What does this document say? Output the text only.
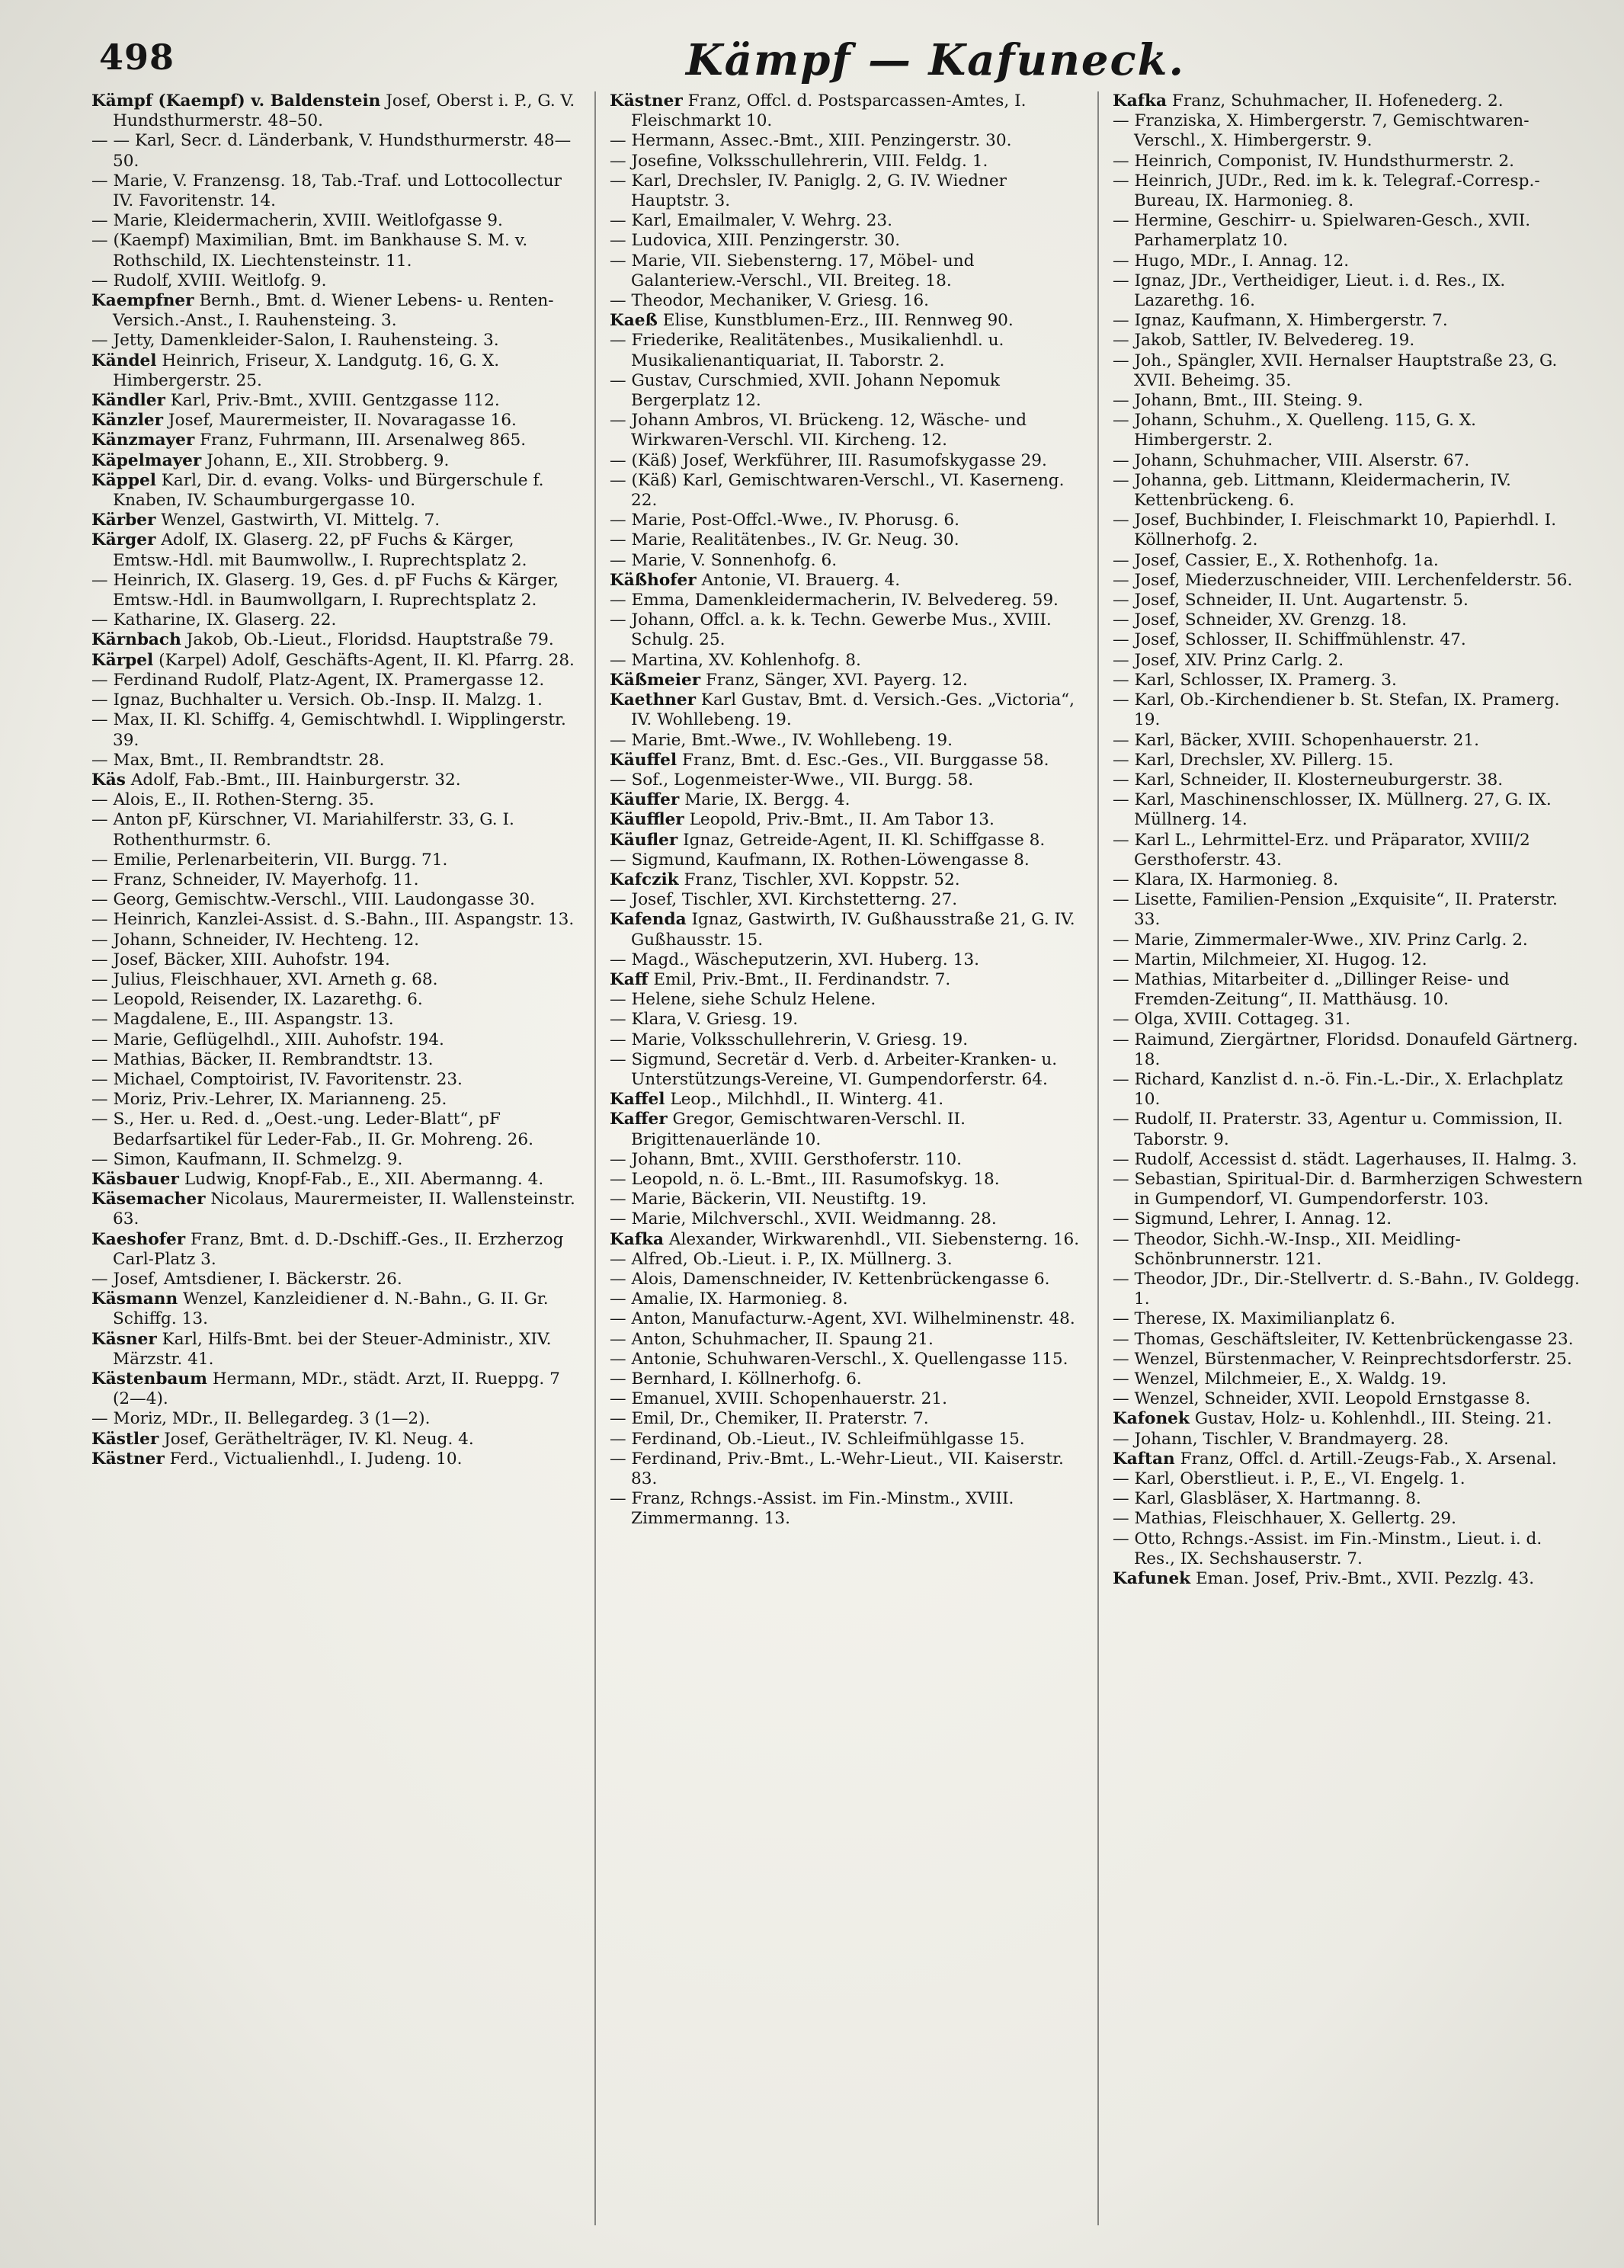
498	Kämpf — Kafuneck.

Kämpf (Kaempf) v. Baldenstein Josef, Oberst i. P., G. V. Hundsthurmerstr. 48–50.

— — Karl, Secr. d. Länderbank, V. Hundsthurmerstr. 48—50.

— Marie, V. Franzensg. 18, Tab.-Traf. und Lottocollectur IV. Favoritenstr. 14.

— Marie, Kleidermacherin, XVIII. Weitlofgasse 9.

— (Kaempf) Maximilian, Bmt. im Bankhause S. M. v. Rothschild, IX. Liechtensteinstr. 11.

— Rudolf, XVIII. Weitlofg. 9.

Kaempfner Bernh., Bmt. d. Wiener Lebens- u. Renten-Versich.-Anst., I. Rauhensteing. 3.

— Jetty, Damenkleider-Salon, I. Rauhensteing. 3.

Kändel Heinrich, Friseur, X. Landgutg. 16, G. X. Himbergerstr. 25.

Kändler Karl, Priv.-Bmt., XVIII. Gentzgasse 112.

Känzler Josef, Maurermeister, II. Novaragasse 16.

Känzmayer Franz, Fuhrmann, III. Arsenalweg 865.

Käpelmayer Johann, E., XII. Strobberg. 9.

Käppel Karl, Dir. d. evang. Volks- und Bürgerschule f. Knaben, IV. Schaumburgergasse 10.

Kärber Wenzel, Gastwirth, VI. Mittelg. 7.

Kärger Adolf, IX. Glaserg. 22, pF Fuchs & Kärger, Emtsw.-Hdl. mit Baumwollw., I. Ruprechtsplatz 2.

— Heinrich, IX. Glaserg. 19, Ges. d. pF Fuchs & Kärger, Emtsw.-Hdl. in Baumwollgarn, I. Ruprechtsplatz 2.

— Katharine, IX. Glaserg. 22.

Kärnbach Jakob, Ob.-Lieut., Floridsd. Hauptstraße 79.

Kärpel (Karpel) Adolf, Geschäfts-Agent, II. Kl. Pfarrg. 28.

— Ferdinand Rudolf, Platz-Agent, IX. Pramergasse 12.

— Ignaz, Buchhalter u. Versich. Ob.-Insp. II. Malzg. 1.

— Max, II. Kl. Schiffg. 4, Gemischtwhdl. I. Wipplingerstr. 39.

— Max, Bmt., II. Rembrandtstr. 28.

Käs Adolf, Fab.-Bmt., III. Hainburgerstr. 32.

— Alois, E., II. Rothen-Sterng. 35.

— Anton pF, Kürschner, VI. Mariahilferstr. 33, G. I. Rothenthurmstr. 6.

— Emilie, Perlenarbeiterin, VII. Burgg. 71.

— Franz, Schneider, IV. Mayerhofg. 11.

— Georg, Gemischtw.-Verschl., VIII. Laudongasse 30.

— Heinrich, Kanzlei-Assist. d. S.-Bahn., III. Aspangstr. 13.

— Johann, Schneider, IV. Hechteng. 12.

— Josef, Bäcker, XIII. Auhofstr. 194.

— Julius, Fleischhauer, XVI. Arneth g. 68.

— Leopold, Reisender, IX. Lazarethg. 6.

— Magdalene, E., III. Aspangstr. 13.

— Marie, Geflügelhdl., XIII. Auhofstr. 194.

— Mathias, Bäcker, II. Rembrandtstr. 13.

— Michael, Comptoirist, IV. Favoritenstr. 23.

— Moriz, Priv.-Lehrer, IX. Marianneng. 25.

— S., Her. u. Red. d. „Oest.-ung. Leder-Blatt“, pF Bedarfsartikel für Leder-Fab., II. Gr. Mohreng. 26.

— Simon, Kaufmann, II. Schmelzg. 9.

Käsbauer Ludwig, Knopf-Fab., E., XII. Abermanng. 4.

Käsemacher Nicolaus, Maurermeister, II. Wallensteinstr. 63.

Kaeshofer Franz, Bmt. d. D.-Dschiff.-Ges., II. Erzherzog Carl-Platz 3.

— Josef, Amtsdiener, I. Bäckerstr. 26.

Käsmann Wenzel, Kanzleidiener d. N.-Bahn., G. II. Gr. Schiffg. 13.

Käsner Karl, Hilfs-Bmt. bei der Steuer-Administr., XIV. Märzstr. 41.

Kästenbaum Hermann, MDr., städt. Arzt, II. Rueppg. 7 (2—4).

— Moriz, MDr., II. Bellegardeg. 3 (1—2).

Kästler Josef, Geräthelträger, IV. Kl. Neug. 4.

Kästner Ferd., Victualienhdl., I. Judeng. 10.

Kästner Franz, Offcl. d. Postsparcassen-Amtes, I. Fleischmarkt 10.

— Hermann, Assec.-Bmt., XIII. Penzingerstr. 30.

— Josefine, Volksschullehrerin, VIII. Feldg. 1.

— Karl, Drechsler, IV. Paniglg. 2, G. IV. Wiedner Hauptstr. 3.

— Karl, Emailmaler, V. Wehrg. 23.

— Ludovica, XIII. Penzingerstr. 30.

— Marie, VII. Siebensterng. 17, Möbel- und Galanteriew.-Verschl., VII. Breiteg. 18.

— Theodor, Mechaniker, V. Griesg. 16.

Kaeß Elise, Kunstblumen-Erz., III. Rennweg 90.

— Friederike, Realitätenbes., Musikalienhdl. u. Musikalienantiquariat, II. Taborstr. 2.

— Gustav, Curschmied, XVII. Johann Nepomuk Bergerplatz 12.

— Johann Ambros, VI. Brückeng. 12, Wäsche- und Wirkwaren-Verschl. VII. Kircheng. 12.

— (Käß) Josef, Werkführer, III. Rasumofskygasse 29.

— (Käß) Karl, Gemischtwaren-Verschl., VI. Kaserneng. 22.

— Marie, Post-Offcl.-Wwe., IV. Phorusg. 6.

— Marie, Realitätenbes., IV. Gr. Neug. 30.

— Marie, V. Sonnenhofg. 6.

Käßhofer Antonie, VI. Brauerg. 4.

— Emma, Damenkleidermacherin, IV. Belvedereg. 59.

— Johann, Offcl. a. k. k. Techn. Gewerbe Mus., XVIII. Schulg. 25.

— Martina, XV. Kohlenhofg. 8.

Käßmeier Franz, Sänger, XVI. Payerg. 12.

Kaethner Karl Gustav, Bmt. d. Versich.-Ges. „Victoria“, IV. Wohllebeng. 19.

— Marie, Bmt.-Wwe., IV. Wohllebeng. 19.

Käuffel Franz, Bmt. d. Esc.-Ges., VII. Burggasse 58.

— Sof., Logenmeister-Wwe., VII. Burgg. 58.

Käuffer Marie, IX. Bergg. 4.

Käuffler Leopold, Priv.-Bmt., II. Am Tabor 13.

Käufler Ignaz, Getreide-Agent, II. Kl. Schiffgasse 8.

— Sigmund, Kaufmann, IX. Rothen-Löwengasse 8.

Kafczik Franz, Tischler, XVI. Koppstr. 52.

— Josef, Tischler, XVI. Kirchstetterng. 27.

Kafenda Ignaz, Gastwirth, IV. Gußhausstraße 21, G. IV. Gußhausstr. 15.

— Magd., Wäscheputzerin, XVI. Huberg. 13.

Kaff Emil, Priv.-Bmt., II. Ferdinandstr. 7.

— Helene, siehe Schulz Helene.

— Klara, V. Griesg. 19.

— Marie, Volksschullehrerin, V. Griesg. 19.

— Sigmund, Secretär d. Verb. d. Arbeiter-Kranken- u. Unterstützungs-Vereine, VI. Gumpendorferstr. 64.

Kaffel Leop., Milchhdl., II. Winterg. 41.

Kaffer Gregor, Gemischtwaren-Verschl. II. Brigittenauerlände 10.

— Johann, Bmt., XVIII. Gersthoferstr. 110.

— Leopold, n. ö. L.-Bmt., III. Rasumofskyg. 18.

— Marie, Bäckerin, VII. Neustiftg. 19.

— Marie, Milchverschl., XVII. Weidmanng. 28.

Kafka Alexander, Wirkwarenhdl., VII. Siebensterng. 16.

— Alfred, Ob.-Lieut. i. P., IX. Müllnerg. 3.

— Alois, Damenschneider, IV. Kettenbrückengasse 6.

— Amalie, IX. Harmonieg. 8.

— Anton, Manufacturw.-Agent, XVI. Wilhelminenstr. 48.

— Anton, Schuhmacher, II. Spaung 21.

— Antonie, Schuhwaren-Verschl., X. Quellengasse 115.

— Bernhard, I. Köllnerhofg. 6.

— Emanuel, XVIII. Schopenhauerstr. 21.

— Emil, Dr., Chemiker, II. Praterstr. 7.

— Ferdinand, Ob.-Lieut., IV. Schleifmühlgasse 15.

— Ferdinand, Priv.-Bmt., L.-Wehr-Lieut., VII. Kaiserstr. 83.

— Franz, Rchngs.-Assist. im Fin.-Minstm., XVIII. Zimmermanng. 13.

Kafka Franz, Schuhmacher, II. Hofenederg. 2.

— Franziska, X. Himbergerstr. 7, Gemischtwaren-Verschl., X. Himbergerstr. 9.

— Heinrich, Componist, IV. Hundsthurmerstr. 2.

— Heinrich, JUDr., Red. im k. k. Telegraf.-Corresp.-Bureau, IX. Harmonieg. 8.

— Hermine, Geschirr- u. Spielwaren-Gesch., XVII. Parhamerplatz 10.

— Hugo, MDr., I. Annag. 12.

— Ignaz, JDr., Vertheidiger, Lieut. i. d. Res., IX. Lazarethg. 16.

— Ignaz, Kaufmann, X. Himbergerstr. 7.

— Jakob, Sattler, IV. Belvedereg. 19.

— Joh., Spängler, XVII. Hernalser Hauptstraße 23, G. XVII. Beheimg. 35.

— Johann, Bmt., III. Steing. 9.

— Johann, Schuhm., X. Quelleng. 115, G. X. Himbergerstr. 2.

— Johann, Schuhmacher, VIII. Alserstr. 67.

— Johanna, geb. Littmann, Kleidermacherin, IV. Kettenbrückeng. 6.

— Josef, Buchbinder, I. Fleischmarkt 10, Papierhdl. I. Köllnerhofg. 2.

— Josef, Cassier, E., X. Rothenhofg. 1a.

— Josef, Miederzuschneider, VIII. Lerchenfelderstr. 56.

— Josef, Schneider, II. Unt. Augartenstr. 5.

— Josef, Schneider, XV. Grenzg. 18.

— Josef, Schlosser, II. Schiffmühlenstr. 47.

— Josef, XIV. Prinz Carlg. 2.

— Karl, Schlosser, IX. Pramerg. 3.

— Karl, Ob.-Kirchendiener b. St. Stefan, IX. Pramerg. 19.

— Karl, Bäcker, XVIII. Schopenhauerstr. 21.

— Karl, Drechsler, XV. Pillerg. 15.

— Karl, Schneider, II. Klosterneuburgerstr. 38.

— Karl, Maschinenschlosser, IX. Müllnerg. 27, G. IX. Müllnerg. 14.

— Karl L., Lehrmittel-Erz. und Präparator, XVIII/2 Gersthoferstr. 43.

— Klara, IX. Harmonieg. 8.

— Lisette, Familien-Pension „Exquisite“, II. Praterstr. 33.

— Marie, Zimmermaler-Wwe., XIV. Prinz Carlg. 2.

— Martin, Milchmeier, XI. Hugog. 12.

— Mathias, Mitarbeiter d. „Dillinger Reise- und Fremden-Zeitung“, II. Matthäusg. 10.

— Olga, XVIII. Cottageg. 31.

— Raimund, Ziergärtner, Floridsd. Donaufeld Gärtnerg. 18.

— Richard, Kanzlist d. n.-ö. Fin.-L.-Dir., X. Erlachplatz 10.

— Rudolf, II. Praterstr. 33, Agentur u. Commission, II. Taborstr. 9.

— Rudolf, Accessist d. städt. Lagerhauses, II. Halmg. 3.

— Sebastian, Spiritual-Dir. d. Barmherzigen Schwestern in Gumpendorf, VI. Gumpendorferstr. 103.

— Sigmund, Lehrer, I. Annag. 12.

— Theodor, Sichh.-W.-Insp., XII. Meidling-Schönbrunnerstr. 121.

— Theodor, JDr., Dir.-Stellvertr. d. S.-Bahn., IV. Goldegg. 1.

— Therese, IX. Maximilianplatz 6.

— Thomas, Geschäftsleiter, IV. Kettenbrückengasse 23.

— Wenzel, Bürstenmacher, V. Reinprechtsdorferstr. 25.

— Wenzel, Milchmeier, E., X. Waldg. 19.

— Wenzel, Schneider, XVII. Leopold Ernstgasse 8.

Kafonek Gustav, Holz- u. Kohlenhdl., III. Steing. 21.

— Johann, Tischler, V. Brandmayerg. 28.

Kaftan Franz, Offcl. d. Artill.-Zeugs-Fab., X. Arsenal.

— Karl, Oberstlieut. i. P., E., VI. Engelg. 1.

— Karl, Glasbläser, X. Hartmanng. 8.

— Mathias, Fleischhauer, X. Gellertg. 29.

— Otto, Rchngs.-Assist. im Fin.-Minstm., Lieut. i. d. Res., IX. Sechshauserstr. 7.

Kafunek Eman. Josef, Priv.-Bmt., XVII. Pezzlg. 43.
